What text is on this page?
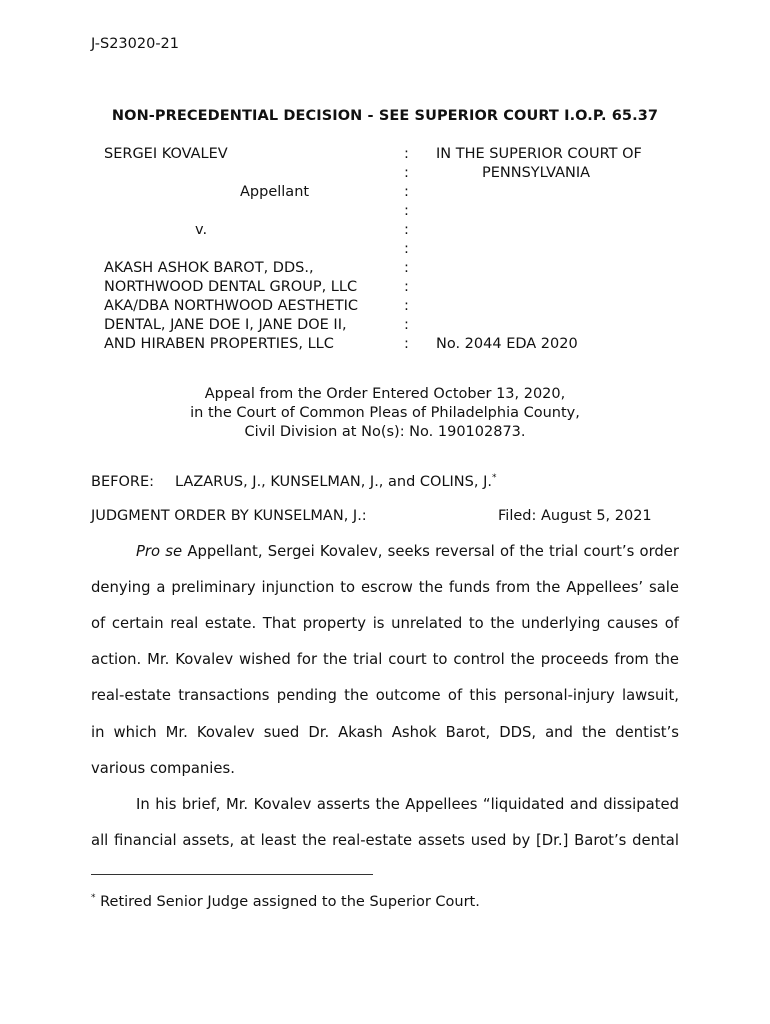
J-S23020-21
NON-PRECEDENTIAL DECISION - SEE SUPERIOR COURT I.O.P. 65.37
SERGEI KOVALEV
Appellant
v.
AKASH ASHOK BAROT, DDS.,
NORTHWOOD DENTAL GROUP, LLC
AKA/DBA NORTHWOOD AESTHETIC
DENTAL, JANE DOE I, JANE DOE II,
AND HIRABEN PROPERTIES, LLC
:
:
:
:
:
:
:
:
:
:
:
IN THE SUPERIOR COURT OF
PENNSYLVANIA
No. 2044 EDA 2020
Appeal from the Order Entered October 13, 2020,
in the Court of Common Pleas of Philadelphia County,
Civil Division at No(s): No. 190102873.
BEFORE: LAZARUS, J., KUNSELMAN, J., and COLINS, J.*
JUDGMENT ORDER BY KUNSELMAN, J.:	Filed: August 5, 2021
Pro se Appellant, Sergei Kovalev, seeks reversal of the trial court’s order
denying a preliminary injunction to escrow the funds from the Appellees’ sale
of certain real estate. That property is unrelated to the underlying causes of
action. Mr. Kovalev wished for the trial court to control the proceeds from the
real-estate transactions pending the outcome of this personal-injury lawsuit,
in which Mr. Kovalev sued Dr. Akash Ashok Barot, DDS, and the dentist’s
various companies.
In his brief, Mr. Kovalev asserts the Appellees “liquidated and dissipated
all financial assets, at least the real-estate assets used by [Dr.] Barot’s dental
* Retired Senior Judge assigned to the Superior Court.
